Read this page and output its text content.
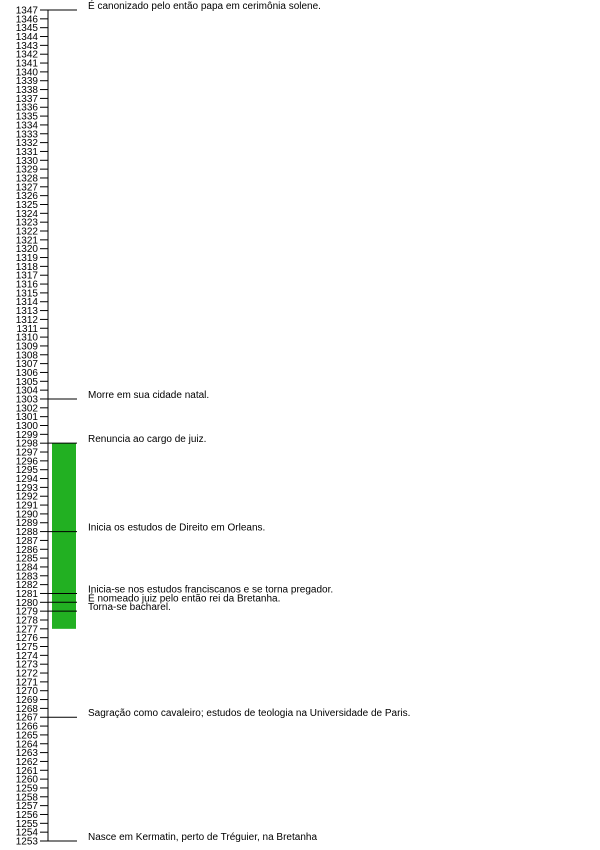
1253
1254
1255
1256
1257
1258
1259
1260
1261
1262
1263
1264
1265
1266
1267
1268
1269
1270
1271
1272
1273
1274
1275
1276
1277
1278
1279
1280
1281
1282
1283
1284
1285
1286
1287
1288
1289
1290
1291
1292
1293
1294
1295
1296
1297
1298
1299
1300
1301
1302
1303
1304
1305
1306
1307
1308
1309
1310
1311
1312
1313
1314
1315
1316
1317
1318
1319
1320
1321
1322
1323
1324
1325
1326
1327
1328
1329
1330
1331
1332
1333
1334
1335
1336
1337
1338
1339
1340
1341
1342
1343
1344
1345
1346
1347	É canonizado pelo então papa em cerimônia solene.
Morre em sua cidade natal.
Renuncia ao cargo de juiz.
Inicia os estudos de Direito em Orleans.
Inicia-se nos estudos franciscanos e se torna pregador.
É nomeado juiz pelo então rei da Bretanha.
Torna-se bacharel.
Sagração como cavaleiro; estudos de teologia na Universidade de Paris.
Nasce em Kermatin, perto de Tréguier, na Bretanha
